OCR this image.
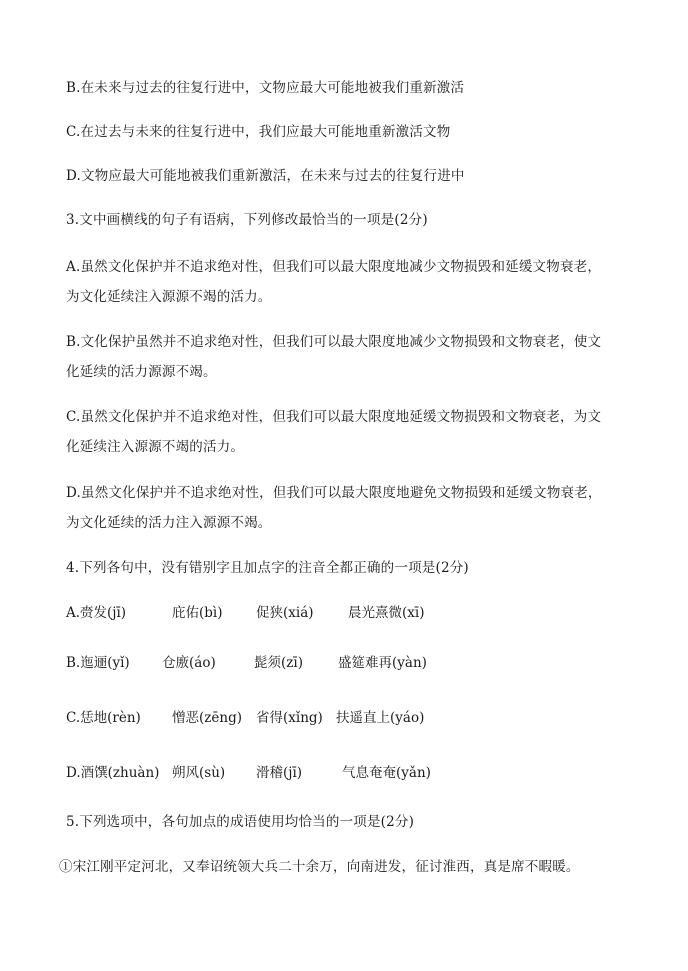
B.在未来与过去的往复行进中，文物应最大可能地被我们重新激活
C.在过去与未来的往复行进中，我们应最大可能地重新激活文物
D.文物应最大可能地被我们重新激活，在未来与过去的往复行进中
3.文中画横线的句子有语病，下列修改最恰当的一项是(2分)
A.虽然文化保护并不追求绝对性，但我们可以最大限度地减少文物损毁和延缓文物衰老，
为文化延续注入源源不竭的活力。
B.文化保护虽然并不追求绝对性，但我们可以最大限度地减少文物损毁和文物衰老，使文
化延续的活力源源不竭。
C.虽然文化保护并不追求绝对性，但我们可以最大限度地延缓文物损毁和文物衰老，为文
化延续注入源源不竭的活力。
D.虽然文化保护并不追求绝对性，但我们可以最大限度地避免文物损毁和延缓文物衰老，
为文化延续的活力注入源源不竭。
4.下列各句中，没有错别字且加点字的注音全都正确的一项是(2分)
A.赍发(jī)	庇佑(bì) 促狭(xiá)	晨光熹微(xī)
B.迤逦(yǐ) 仓廒(áo)	髭须(zī)	盛筵难再(yàn)
C.恁地(rèn) 憎恶(zēng) 省得(xǐng) 扶遥直上(yáo)
D.酒馔(zhuàn) 朔风(sù) 滑稽(jī)	气息奄奄(yǎn)
5.下列选项中，各句加点的成语使用均恰当的一项是(2分)
①宋江刚平定河北，又奉诏统领大兵二十余万，向南进发，征讨淮西，真是席不暇暖。
